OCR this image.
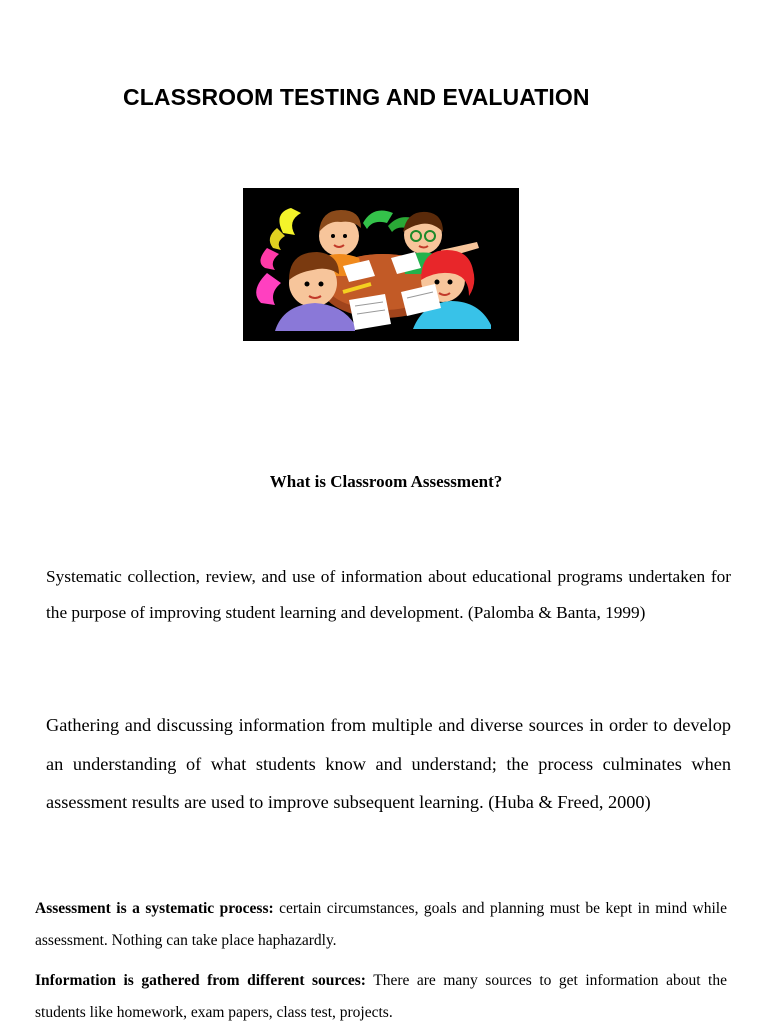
CLASSROOM TESTING AND EVALUATION
What is Classroom Assessment?

Systematic collection, review, and use of information about educational programs undertaken for the purpose of improving student learning and development. (Palomba & Banta, 1999)

Gathering and discussing information from multiple and diverse sources in order to develop an understanding of what students know and understand; the process culminates when assessment results are used to improve subsequent learning. (Huba & Freed, 2000)

Assessment is a systematic process: certain circumstances, goals and planning must be kept in mind while assessment. Nothing can take place haphazardly.

Information is gathered from different sources: There are many sources to get information about the students like homework, exam papers, class test, projects.
